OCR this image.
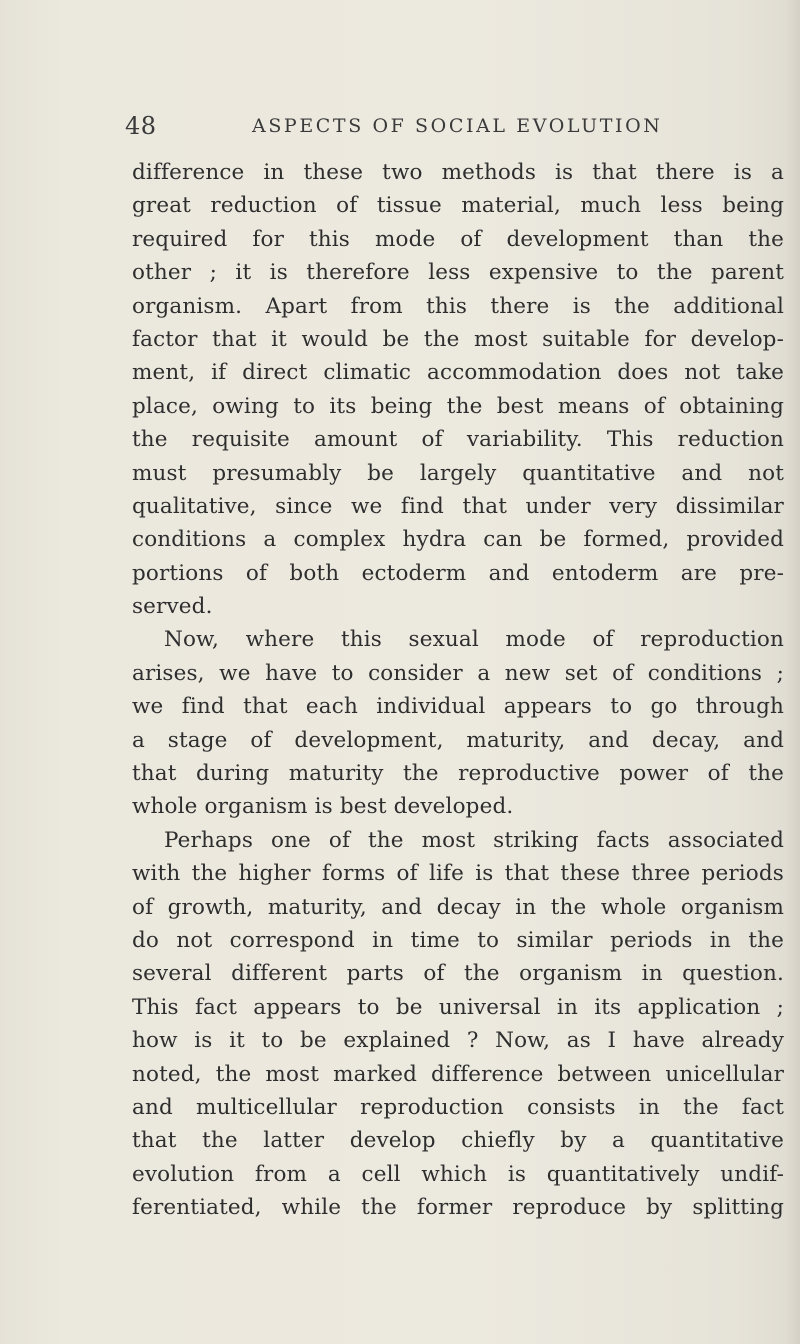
48	ASPECTS OF SOCIAL EVOLUTION
difference in these two methods is that there is a
great reduction of tissue material, much less being
required for this mode of development than the
other ; it is therefore less expensive to the parent
organism. Apart from this there is the additional
factor that it would be the most suitable for develop-
ment, if direct climatic accommodation does not take
place, owing to its being the best means of obtaining
the requisite amount of variability. This reduction
must presumably be largely quantitative and not
qualitative, since we find that under very dissimilar
conditions a complex hydra can be formed, provided
portions of both ectoderm and entoderm are pre-
served.
Now, where this sexual mode of reproduction
arises, we have to consider a new set of conditions ;
we find that each individual appears to go through
a stage of development, maturity, and decay, and
that during maturity the reproductive power of the
whole organism is best developed.
Perhaps one of the most striking facts associated
with the higher forms of life is that these three periods
of growth, maturity, and decay in the whole organism
do not correspond in time to similar periods in the
several different parts of the organism in question.
This fact appears to be universal in its application ;
how is it to be explained ? Now, as I have already
noted, the most marked difference between unicellular
and multicellular reproduction consists in the fact
that the latter develop chiefly by a quantitative
evolution from a cell which is quantitatively undif-
ferentiated, while the former reproduce by splitting
